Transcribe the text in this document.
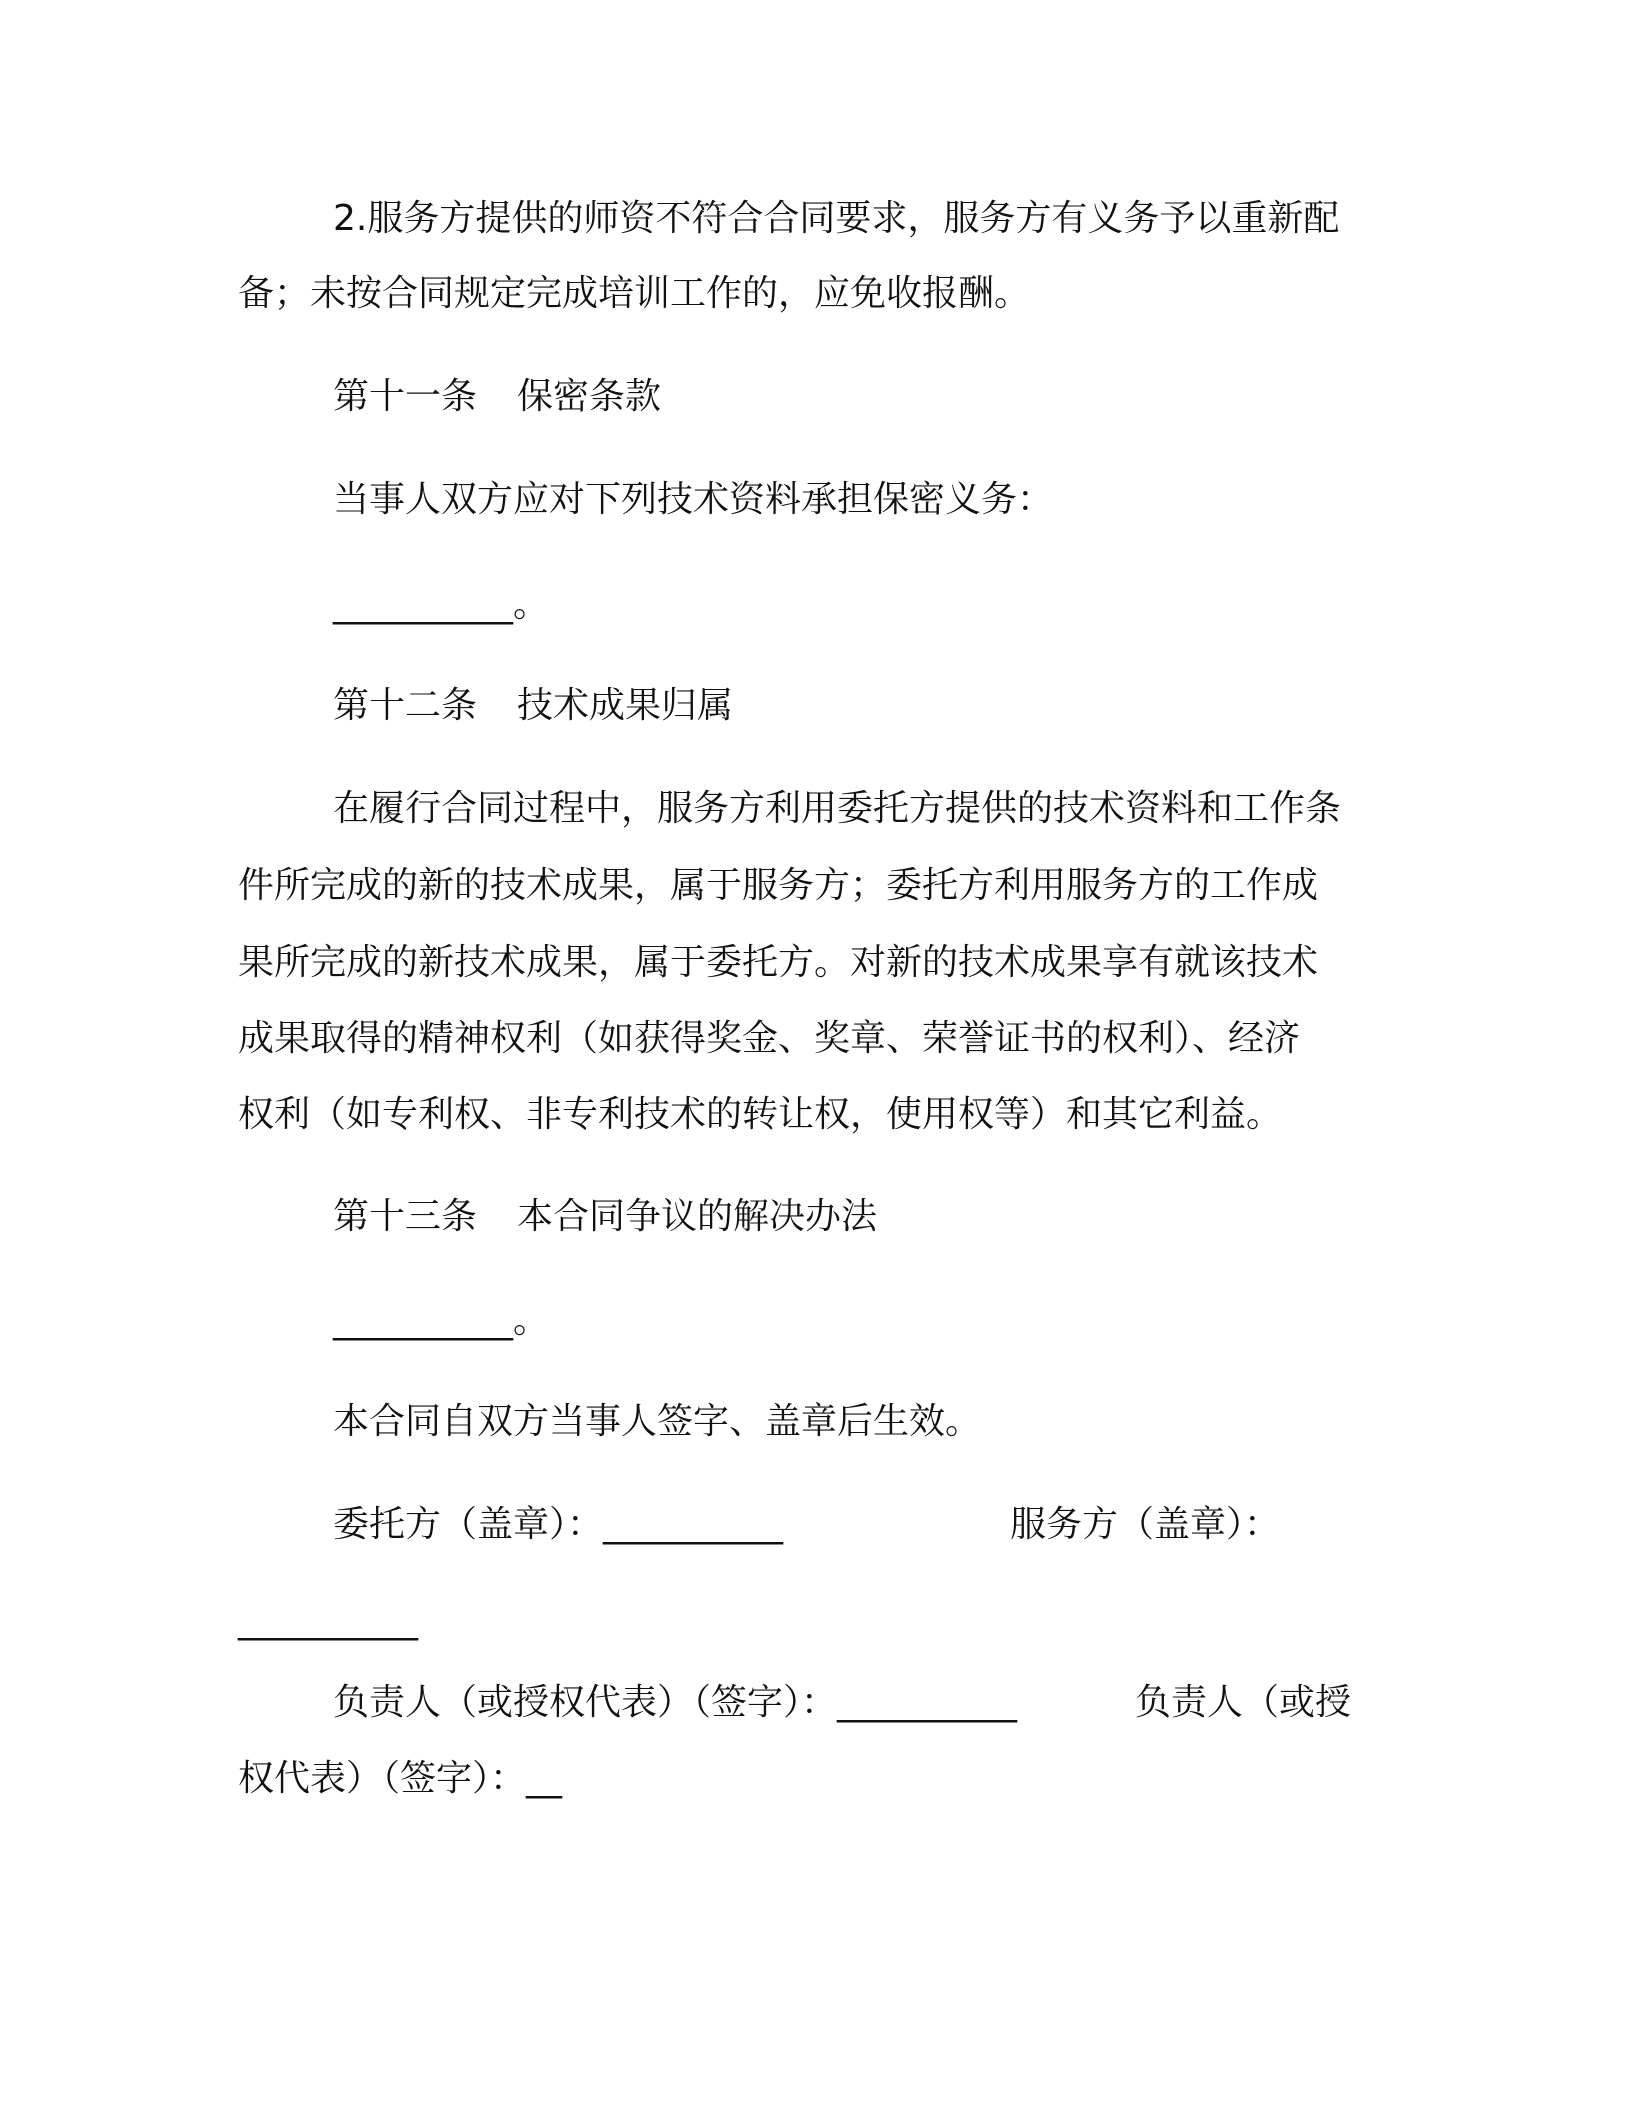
2.服务方提供的师资不符合合同要求，服务方有义务予以重新配
备；未按合同规定完成培训工作的，应免收报酬。
第十一条 保密条款
当事人双方应对下列技术资料承担保密义务：
__________。
第十二条 技术成果归属
在履行合同过程中，服务方利用委托方提供的技术资料和工作条
件所完成的新的技术成果，属于服务方；委托方利用服务方的工作成
果所完成的新技术成果，属于委托方。对新的技术成果享有就该技术
成果取得的精神权利（如获得奖金、奖章、荣誉证书的权利）、经济
权利（如专利权、非专利技术的转让权，使用权等）和其它利益。
第十三条 本合同争议的解决办法
__________。
本合同自双方当事人签字、盖章后生效。
委托方（盖章）：__________	服务方（盖章）：
__________
负责人（或授权代表）（签字）：__________	负责人（或授
权代表）（签字）：__
